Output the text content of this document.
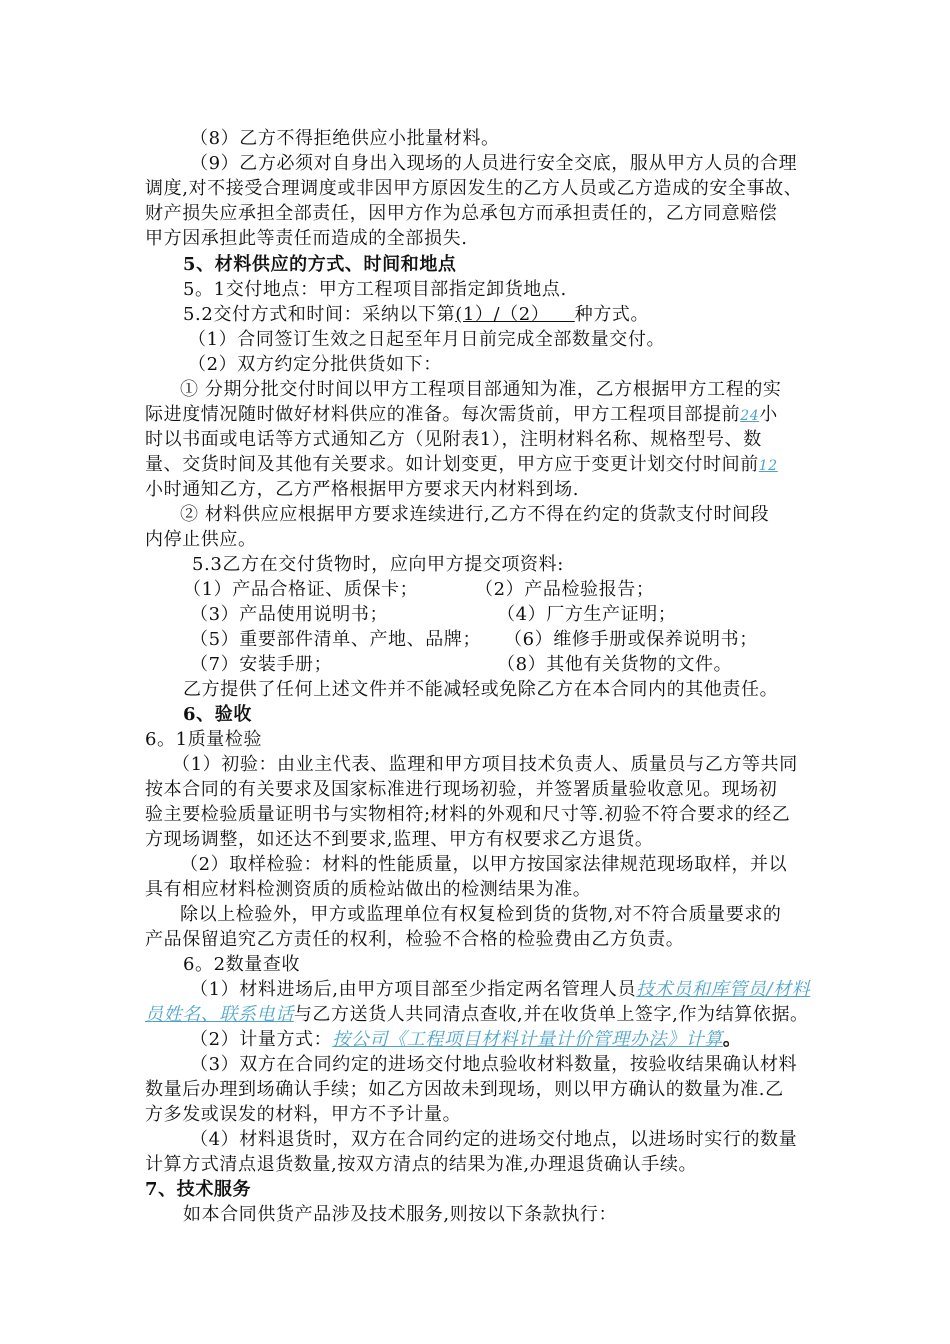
（8）乙方不得拒绝供应小批量材料。
（9）乙方必须对自身出入现场的人员进行安全交底，服从甲方人员的合理
调度,对不接受合理调度或非因甲方原因发生的乙方人员或乙方造成的安全事故、
财产损失应承担全部责任，因甲方作为总承包方而承担责任的，乙方同意赔偿
甲方因承担此等责任而造成的全部损失.
5、材料供应的方式、时间和地点
5。1交付地点：甲方工程项目部指定卸货地点.
5.2交付方式和时间：采纳以下第(1）/（2） 种方式。
（1）合同签订生效之日起至年月日前完成全部数量交付。
（2）双方约定分批供货如下：
① 分期分批交付时间以甲方工程项目部通知为准，乙方根据甲方工程的实
际进度情况随时做好材料供应的准备。每次需货前，甲方工程项目部提前24小
时以书面或电话等方式通知乙方（见附表1），注明材料名称、规格型号、数
量、交货时间及其他有关要求。如计划变更，甲方应于变更计划交付时间前12
小时通知乙方，乙方严格根据甲方要求天内材料到场.
② 材料供应应根据甲方要求连续进行,乙方不得在约定的货款支付时间段
内停止供应。
5.3乙方在交付货物时，应向甲方提交项资料:
（1）产品合格证、质保卡；	（2）产品检验报告；
（3）产品使用说明书；	（4）厂方生产证明；
（5）重要部件清单、产地、品牌； （6）维修手册或保养说明书；
（7）安装手册；	（8）其他有关货物的文件。
乙方提供了任何上述文件并不能减轻或免除乙方在本合同内的其他责任。
6、验收
6。1质量检验
（1）初验：由业主代表、监理和甲方项目技术负责人、质量员与乙方等共同
按本合同的有关要求及国家标准进行现场初验，并签署质量验收意见。现场初
验主要检验质量证明书与实物相符;材料的外观和尺寸等.初验不符合要求的经乙
方现场调整，如还达不到要求,监理、甲方有权要求乙方退货。
（2）取样检验：材料的性能质量，以甲方按国家法律规范现场取样，并以
具有相应材料检测资质的质检站做出的检测结果为准。
除以上检验外，甲方或监理单位有权复检到货的货物,对不符合质量要求的
产品保留追究乙方责任的权利，检验不合格的检验费由乙方负责。
6。2数量查收
（1）材料进场后,由甲方项目部至少指定两名管理人员技术员和库管员/材料
员姓名、联系电话与乙方送货人共同清点查收,并在收货单上签字,作为结算依据。
（2）计量方式：按公司《工程项目材料计量计价管理办法》计算。
（3）双方在合同约定的进场交付地点验收材料数量，按验收结果确认材料
数量后办理到场确认手续；如乙方因故未到现场，则以甲方确认的数量为准.乙
方多发或误发的材料，甲方不予计量。
（4）材料退货时，双方在合同约定的进场交付地点，以进场时实行的数量
计算方式清点退货数量,按双方清点的结果为准,办理退货确认手续。
7、技术服务
如本合同供货产品涉及技术服务,则按以下条款执行：
